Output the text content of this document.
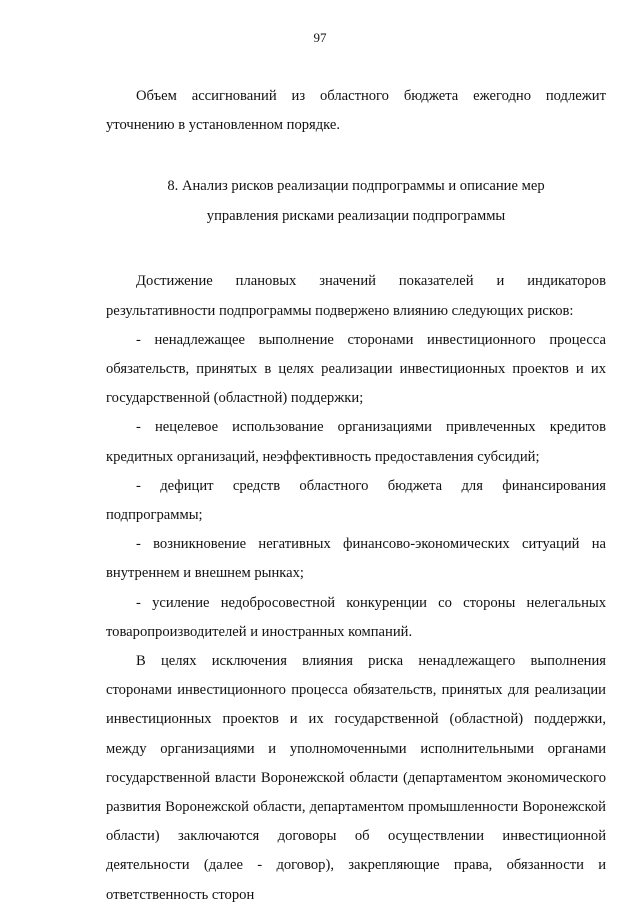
97

Объем ассигнований из областного бюджета ежегодно подлежит уточнению в установленном порядке.

8. Анализ рисков реализации подпрограммы и описание мер
управления рисками реализации подпрограммы

Достижение плановых значений показателей и индикаторов результативности подпрограммы подвержено влиянию следующих рисков:

- ненадлежащее выполнение сторонами инвестиционного процесса обязательств, принятых в целях реализации инвестиционных проектов и их государственной (областной) поддержки;

- нецелевое использование организациями привлеченных кредитов кредитных организаций, неэффективность предоставления субсидий;

- дефицит средств областного бюджета для финансирования подпрограммы;

- возникновение негативных финансово-экономических ситуаций на внутреннем и внешнем рынках;

- усиление недобросовестной конкуренции со стороны нелегальных товаропроизводителей и иностранных компаний.

В целях исключения влияния риска ненадлежащего выполнения сторонами инвестиционного процесса обязательств, принятых для реализации инвестиционных проектов и их государственной (областной) поддержки, между организациями и уполномоченными исполнительными органами государственной власти Воронежской области (департаментом экономического развития Воронежской области, департаментом промышленности Воронежской области) заключаются договоры об осуществлении инвестиционной деятельности (далее - договор), закрепляющие права, обязанности и ответственность сторон
